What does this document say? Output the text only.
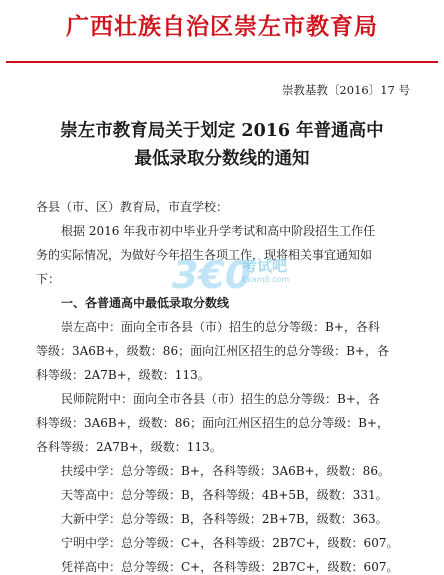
广西壮族自治区崇左市教育局
崇教基教〔2016〕17 号
崇左市教育局关于划定 2016 年普通高中
最低录取分数线的通知
各县（市、区）教育局，市直学校：
根据 2016 年我市初中毕业升学考试和高中阶段招生工作任
务的实际情况，为做好今年招生各项工作，现将相关事宜通知如
下：	3€0
考试吧
Exam8.com
一、各普通高中最低录取分数线
崇左高中：面向全市各县（市）招生的总分等级：B+，各科
等级：3A6B+，级数：86；面向江州区招生的总分等级：B+，各
科等级：2A7B+，级数：113。
民师院附中：面向全市各县（市）招生的总分等级：B+，各
科等级：3A6B+，级数：86；面向江州区招生的总分等级：B+，
各科等级：2A7B+，级数：113。
扶绥中学：总分等级：B+，各科等级：3A6B+，级数：86。
天等高中：总分等级：B，各科等级：4B+5B，级数：331。
大新中学：总分等级：B，各科等级：2B+7B，级数：363。
宁明中学：总分等级：C+，各科等级：2B7C+，级数：607。
凭祥高中：总分等级：C+，各科等级：2B7C+，级数：607。
